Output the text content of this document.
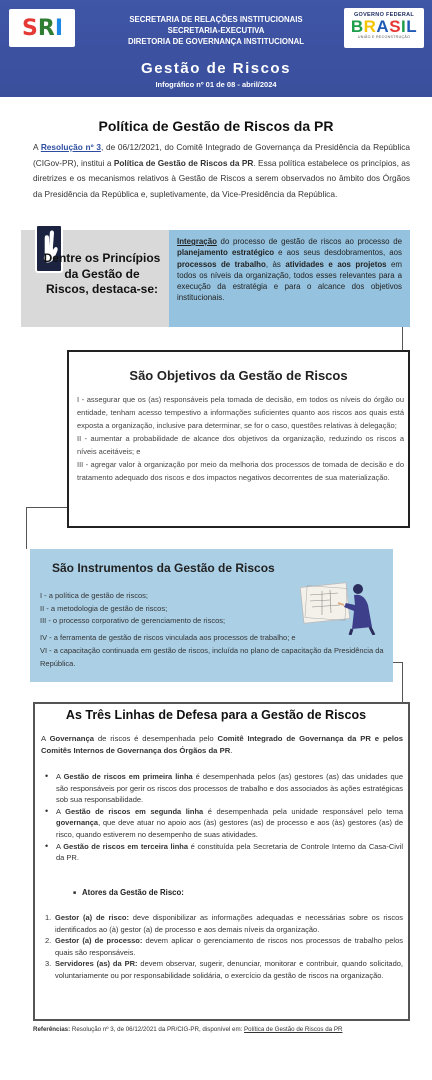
S R I	SECRETARIA DE RELAÇÕES INSTITUCIONAIS
SECRETARIA-EXECUTIVA
DIRETORIA DE GOVERNANÇA INSTITUCIONAL
GOVERNO FEDERAL
BRASIL
UNIÃO E RECONSTRUÇÃO
Gestão de Riscos
Infográfico nº 01 de 08 - abril/2024
Política de Gestão de Riscos da PR
A Resolução nº 3, de 06/12/2021, do Comitê Integrado de Governança da Presidência da República (CIGov-PR), institui a Política de Gestão de Riscos da PR. Essa política estabelece os princípios, as diretrizes e os mecanismos relativos à Gestão de Riscos a serem observados no âmbito dos Órgãos da Presidência da República e, supletivamente, da Vice-Presidência da República.
Dentre os Princípios da Gestão de Riscos, destaca-se:
Integração do processo de gestão de riscos ao processo de planejamento estratégico e aos seus desdobramentos, aos processos de trabalho, às atividades e aos projetos em todos os níveis da organização, todos esses relevantes para a execução da estratégia e para o alcance dos objetivos institucionais.
São Objetivos da Gestão de Riscos
I - assegurar que os (as) responsáveis pela tomada de decisão, em todos os níveis do órgão ou entidade, tenham acesso tempestivo a informações suficientes quanto aos riscos aos quais está exposta a organização, inclusive para determinar, se for o caso, questões relativas à delegação;
II - aumentar a probabilidade de alcance dos objetivos da organização, reduzindo os riscos a níveis aceitáveis; e
III - agregar valor à organização por meio da melhoria dos processos de tomada de decisão e do tratamento adequado dos riscos e dos impactos negativos decorrentes de sua materialização.
São Instrumentos da Gestão de Riscos
I - a política de gestão de riscos;
II - a metodologia de gestão de riscos;
III - o processo corporativo de gerenciamento de riscos;
IV - a ferramenta de gestão de riscos vinculada aos processos de trabalho; e
VI - a capacitação continuada em gestão de riscos, incluída no plano de capacitação da Presidência da República.
As Três Linhas de Defesa para a Gestão de Riscos
A Governança de riscos é desempenhada pelo Comitê Integrado de Governança da PR e pelos Comitês Internos de Governança dos Órgãos da PR.
• A Gestão de riscos em primeira linha é desempenhada pelos (as) gestores (as) das unidades que são responsáveis por gerir os riscos dos processos de trabalho e dos associados às ações estratégicas sob sua responsabilidade.
• A Gestão de riscos em segunda linha é desempenhada pela unidade responsável pelo tema governança, que deve atuar no apoio aos (às) gestores (as) de processo e aos (às) gestores (as) de risco, quando estiverem no desempenho de suas atividades.
• A Gestão de riscos em terceira linha é constituída pela Secretaria de Controle Interno da Casa-Civil da PR.
■ Atores da Gestão de Risco:
1. Gestor (a) de risco: deve disponibilizar as informações adequadas e necessárias sobre os riscos identificados ao (à) gestor (a) de processo e aos demais níveis da organização.
2. Gestor (a) de processo: devem aplicar o gerenciamento de riscos nos processos de trabalho pelos quais são responsáveis.
3. Servidores (as) da PR: devem observar, sugerir, denunciar, monitorar e contribuir, quando solicitado, voluntariamente ou por responsabilidade solidária, o exercício da gestão de riscos na organização.
Referências: Resolução nº 3, de 06/12/2021 da PR/CIG-PR, disponível em: Política de Gestão de Riscos da PR
